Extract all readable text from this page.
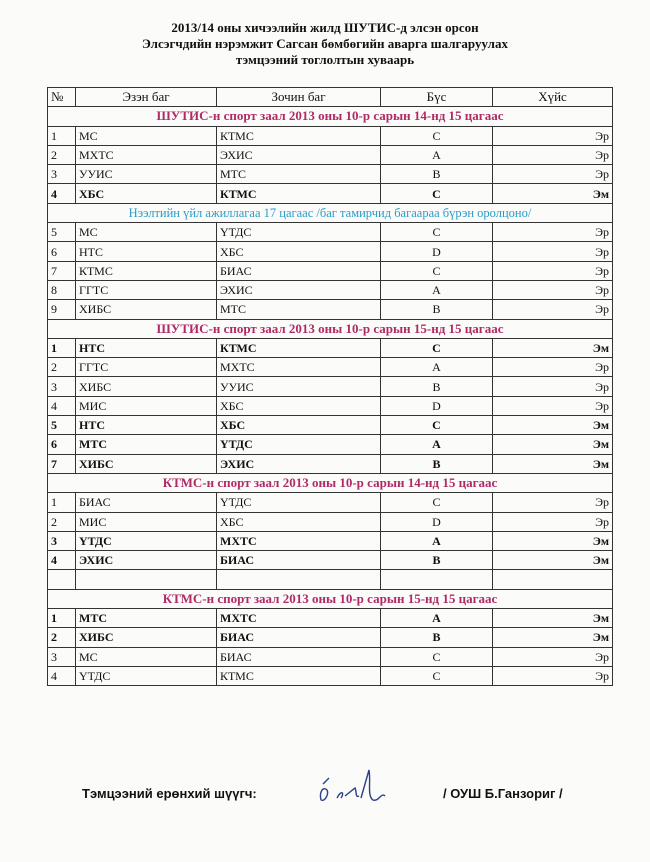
2013/14 оны хичээлийн жилд ШУТИС-д элсэн орсон
Элсэгчдийн нэрэмжит Сагсан бөмбөгийн аварга шалгаруулах
тэмцээний тоглолтын хуваарь
№	Эзэн баг	Зочин баг	Бүс	Хүйс
ШУТИС-н спорт заал 2013 оны 10-р сарын 14-нд 15 цагаас				
1	МС	КТМС	С	Эр
2	МХТС	ЭХИС	А	Эр
3	УУИС	МТС	В	Эр
4	ХБС	КТМС	С	Эм
Нээлтийн үйл ажиллагаа 17 цагаас /баг тамирчид багаараа бүрэн оролцоно/				
5	МС	ҮТДС	С	Эр
6	НТС	ХБС	D	Эр
7	КТМС	БИАС	С	Эр
8	ГГТС	ЭХИС	А	Эр
9	ХИБС	МТС	В	Эр
ШУТИС-н спорт заал 2013 оны 10-р сарын 15-нд 15 цагаас				
1	НТС	КТМС	С	Эм
2	ГГТС	МХТС	А	Эр
3	ХИБС	УУИС	В	Эр
4	МИС	ХБС	D	Эр
5	НТС	ХБС	С	Эм
6	МТС	ҮТДС	А	Эм
7	ХИБС	ЭХИС	В	Эм
КТМС-н спорт заал 2013 оны 10-р сарын 14-нд 15 цагаас				
1	БИАС	ҮТДС	С	Эр
2	МИС	ХБС	D	Эр
3	ҮТДС	МХТС	А	Эм
4	ЭХИС	БИАС	В	Эм

КТМС-н спорт заал 2013 оны 10-р сарын 15-нд 15 цагаас				
1	МТС	МХТС	А	Эм
2	ХИБС	БИАС	В	Эм
3	МС	БИАС	С	Эр
4	ҮТДС	КТМС	С	Эр
Тэмцээний ерөнхий шүүгч:	/ ОУШ Б.Ганзориг /
